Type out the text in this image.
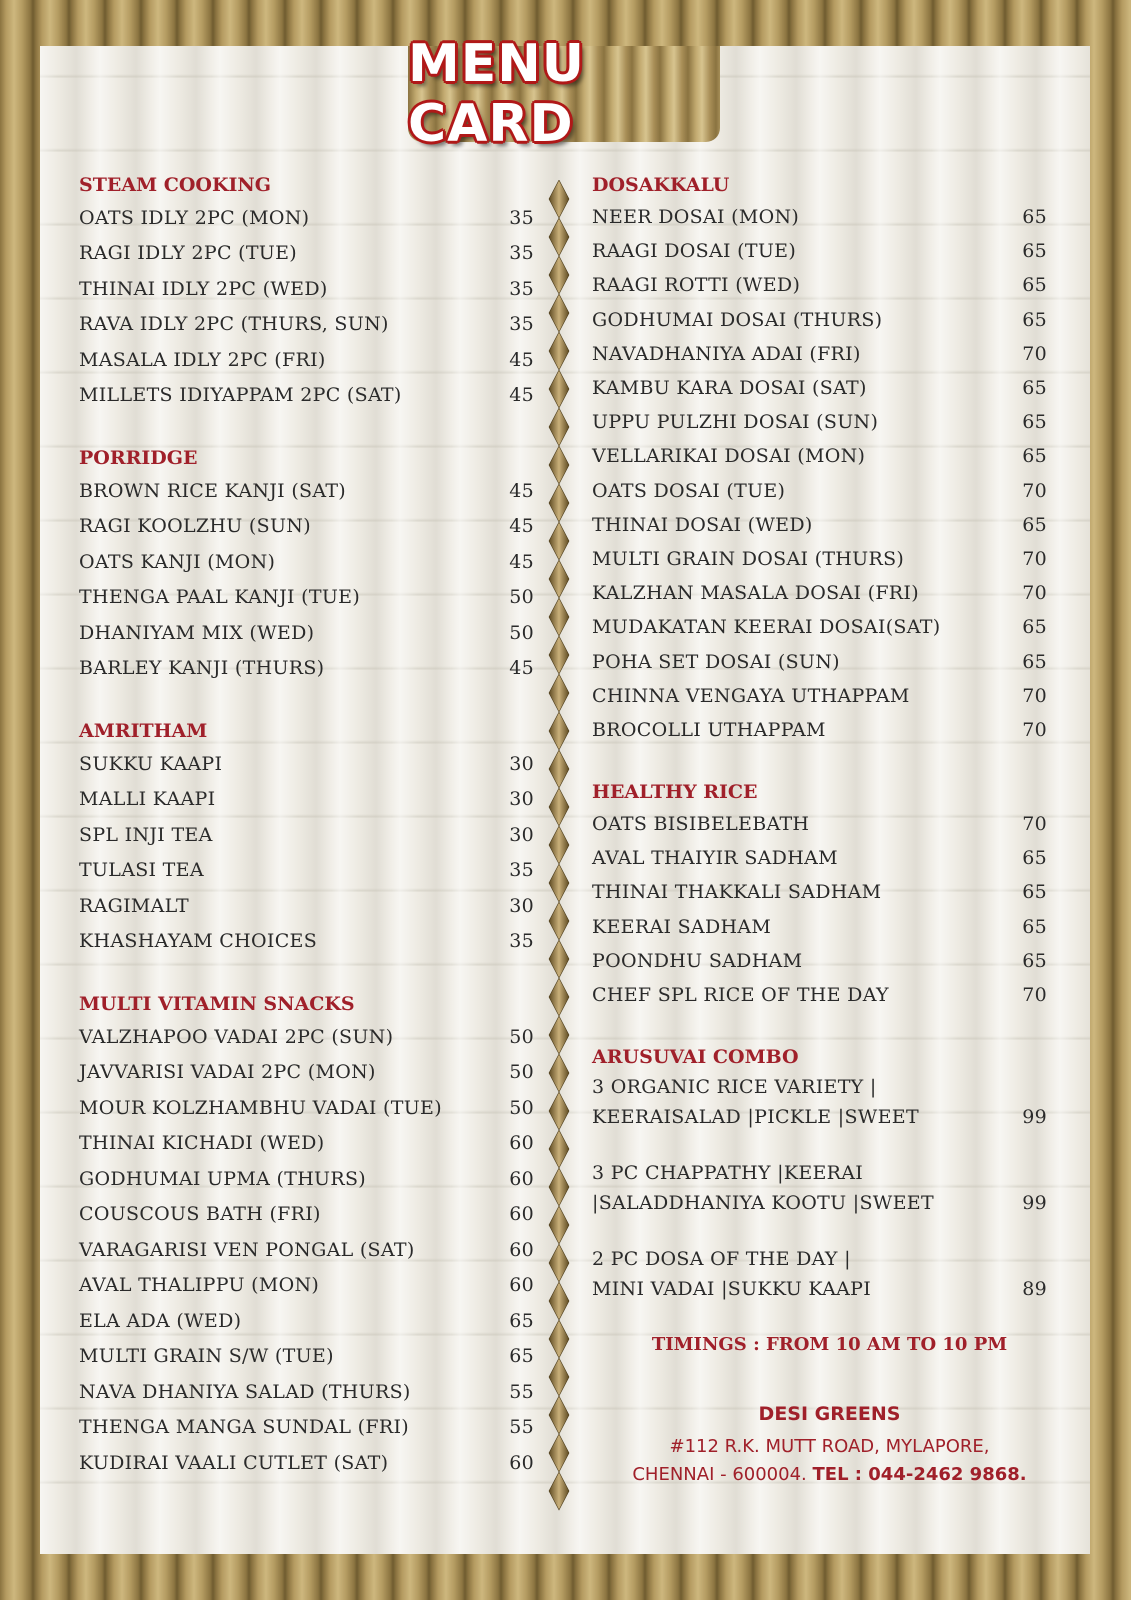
MENU CARD
STEAM COOKING
OATS IDLY 2PC (MON)	35
RAGI IDLY 2PC (TUE)	35
THINAI IDLY 2PC (WED)	35
RAVA IDLY 2PC (THURS, SUN)	35
MASALA IDLY 2PC (FRI)	45
MILLETS IDIYAPPAM 2PC (SAT)	45
PORRIDGE
BROWN RICE KANJI (SAT)	45
RAGI KOOLZHU (SUN)	45
OATS KANJI (MON)	45
THENGA PAAL KANJI (TUE)	50
DHANIYAM MIX (WED)	50
BARLEY KANJI (THURS)	45
AMRITHAM
SUKKU KAAPI	30
MALLI KAAPI	30
SPL INJI TEA	30
TULASI TEA	35
RAGIMALT	30
KHASHAYAM CHOICES	35
MULTI VITAMIN SNACKS
VALZHAPOO VADAI 2PC (SUN)	50
JAVVARISI VADAI 2PC (MON)	50
MOUR KOLZHAMBHU VADAI (TUE)	50
THINAI KICHADI (WED)	60
GODHUMAI UPMA (THURS)	60
COUSCOUS BATH (FRI)	60
VARAGARISI VEN PONGAL (SAT)	60
AVAL THALIPPU (MON)	60
ELA ADA (WED)	65
MULTI GRAIN S/W (TUE)	65
NAVA DHANIYA SALAD (THURS)	55
THENGA MANGA SUNDAL (FRI)	55
KUDIRAI VAALI CUTLET (SAT)	60
DOSAKKALU
NEER DOSAI (MON)	65
RAAGI DOSAI (TUE)	65
RAAGI ROTTI (WED)	65
GODHUMAI DOSAI (THURS)	65
NAVADHANIYA ADAI (FRI)	70
KAMBU KARA DOSAI (SAT)	65
UPPU PULZHI DOSAI (SUN)	65
VELLARIKAI DOSAI (MON)	65
OATS DOSAI (TUE)	70
THINAI DOSAI (WED)	65
MULTI GRAIN DOSAI (THURS)	70
KALZHAN MASALA DOSAI (FRI)	70
MUDAKATAN KEERAI DOSAI(SAT)	65
POHA SET DOSAI (SUN)	65
CHINNA VENGAYA UTHAPPAM	70
BROCOLLI UTHAPPAM	70
HEALTHY RICE
OATS BISIBELEBATH	70
AVAL THAIYIR SADHAM	65
THINAI THAKKALI SADHAM	65
KEERAI SADHAM	65
POONDHU SADHAM	65
CHEF SPL RICE OF THE DAY	70
ARUSUVAI COMBO
3 ORGANIC RICE VARIETY |
KEERAISALAD |PICKLE |SWEET	99
3 PC CHAPPATHY |KEERAI
|SALADDHANIYA KOOTU |SWEET	99
2 PC DOSA OF THE DAY |
MINI VADAI |SUKKU KAAPI	89
TIMINGS : FROM 10 AM TO 10 PM
DESI GREENS
#112 R.K. MUTT ROAD, MYLAPORE,
CHENNAI - 600004. TEL : 044-2462 9868.
